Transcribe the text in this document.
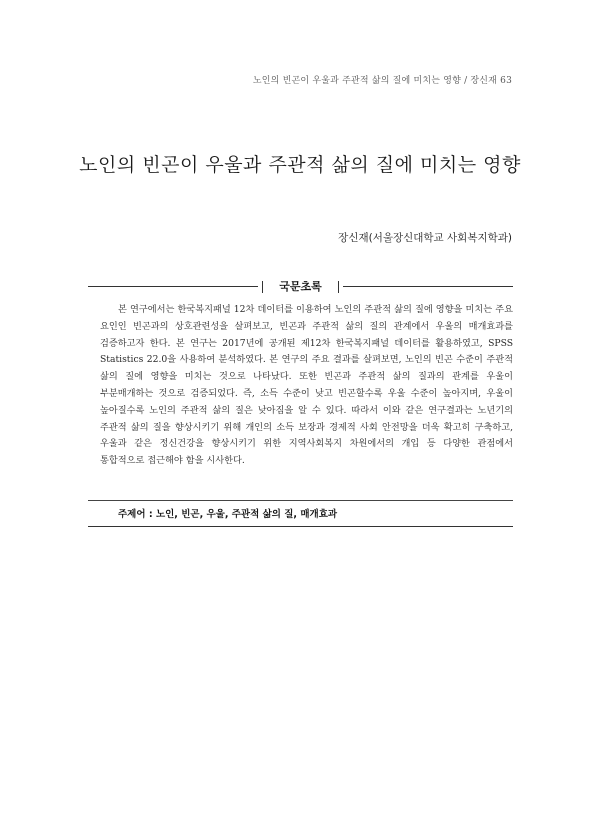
노인의 빈곤이 우울과 주관적 삶의 질에 미치는 영향 / 장신재 63
노인의 빈곤이 우울과 주관적 삶의 질에 미치는 영향
장신재(서울장신대학교 사회복지학과)
국문초록

본 연구에서는 한국복지패널 12차 데이터를 이용하여 노인의 주관적 삶의 질에 영향을 미치는 주요 요인인 빈곤과의 상호관련성을 살펴보고, 빈곤과 주관적 삶의 질의 관계에서 우울의 매개효과를 검증하고자 한다. 본 연구는 2017년에 공개된 제12차 한국복지패널 데이터를 활용하였고, SPSS Statistics 22.0을 사용하여 분석하였다. 본 연구의 주요 결과를 살펴보면, 노인의 빈곤 수준이 주관적 삶의 질에 영향을 미치는 것으로 나타났다. 또한 빈곤과 주관적 삶의 질과의 관계를 우울이 부분매개하는 것으로 검증되었다. 즉, 소득 수준이 낮고 빈곤할수록 우울 수준이 높아지며, 우울이 높아질수록 노인의 주관적 삶의 질은 낮아짐을 알 수 있다. 따라서 이와 같은 연구결과는 노년기의 주관적 삶의 질을 향상시키기 위해 개인의 소득 보장과 경제적 사회 안전망을 더욱 확고히 구축하고, 우울과 같은 정신건강을 향상시키기 위한 지역사회복지 차원에서의 개입 등 다양한 관점에서 통합적으로 접근해야 함을 시사한다.

주제어 : 노인, 빈곤, 우울, 주관적 삶의 질, 매개효과
